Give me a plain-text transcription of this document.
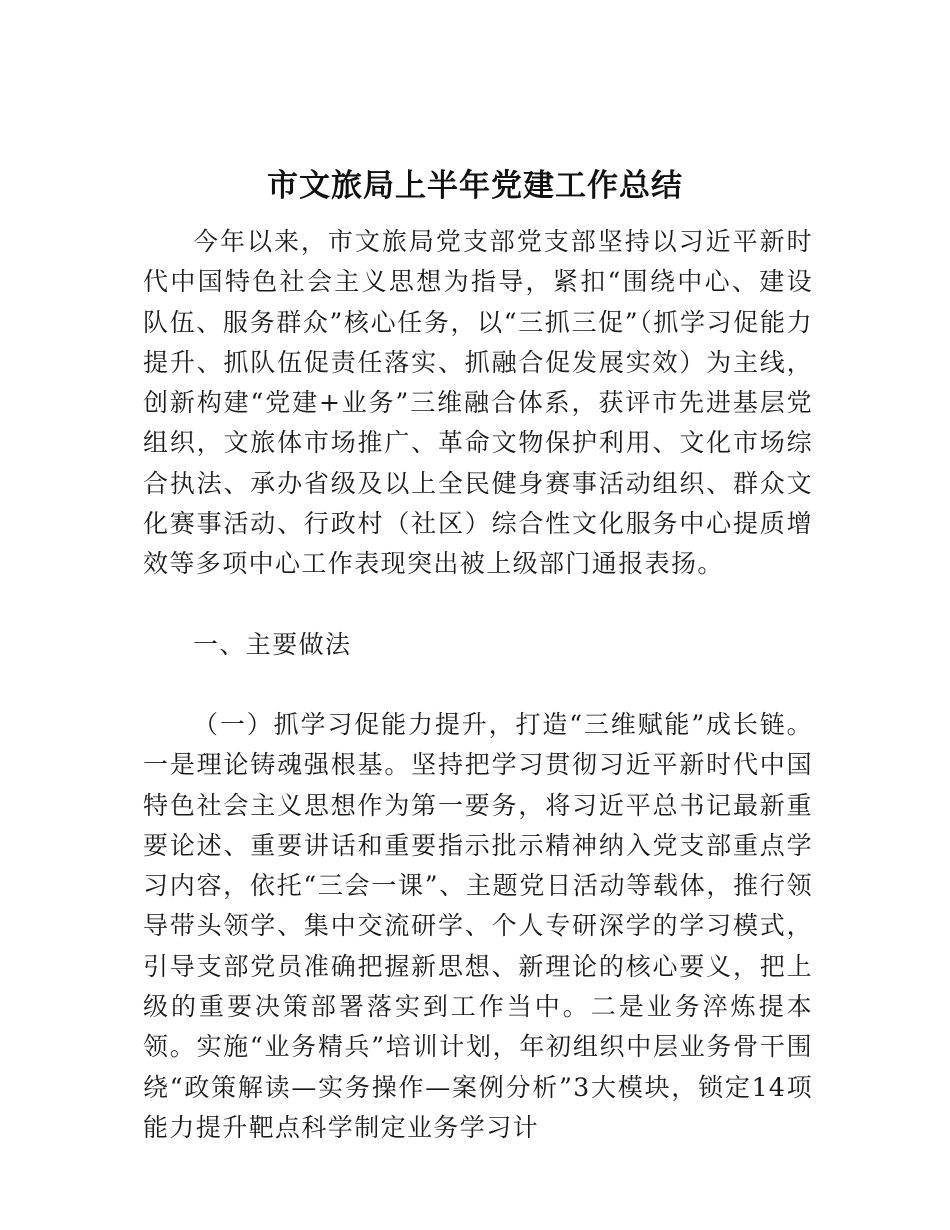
市文旅局上半年党建工作总结

今年以来，市文旅局党支部党支部坚持以习近平新时代中国特色社会主义思想为指导，紧扣“围绕中心、建设队伍、服务群众”核心任务，以“三抓三促”（抓学习促能力提升、抓队伍促责任落实、抓融合促发展实效）为主线，创新构建“党建+业务”三维融合体系，获评市先进基层党组织，文旅体市场推广、革命文物保护利用、文化市场综合执法、承办省级及以上全民健身赛事活动组织、群众文化赛事活动、行政村（社区）综合性文化服务中心提质增效等多项中心工作表现突出被上级部门通报表扬。

一、主要做法

（一）抓学习促能力提升，打造“三维赋能”成长链。一是理论铸魂强根基。坚持把学习贯彻习近平新时代中国特色社会主义思想作为第一要务，将习近平总书记最新重要论述、重要讲话和重要指示批示精神纳入党支部重点学习内容，依托“三会一课”、主题党日活动等载体，推行领导带头领学、集中交流研学、个人专研深学的学习模式，引导支部党员准确把握新思想、新理论的核心要义，把上级的重要决策部署落实到工作当中。二是业务淬炼提本领。实施“业务精兵”培训计划，年初组织中层业务骨干围绕“政策解读—实务操作—案例分析”3大模块，锁定14项能力提升靶点科学制定业务学习计
